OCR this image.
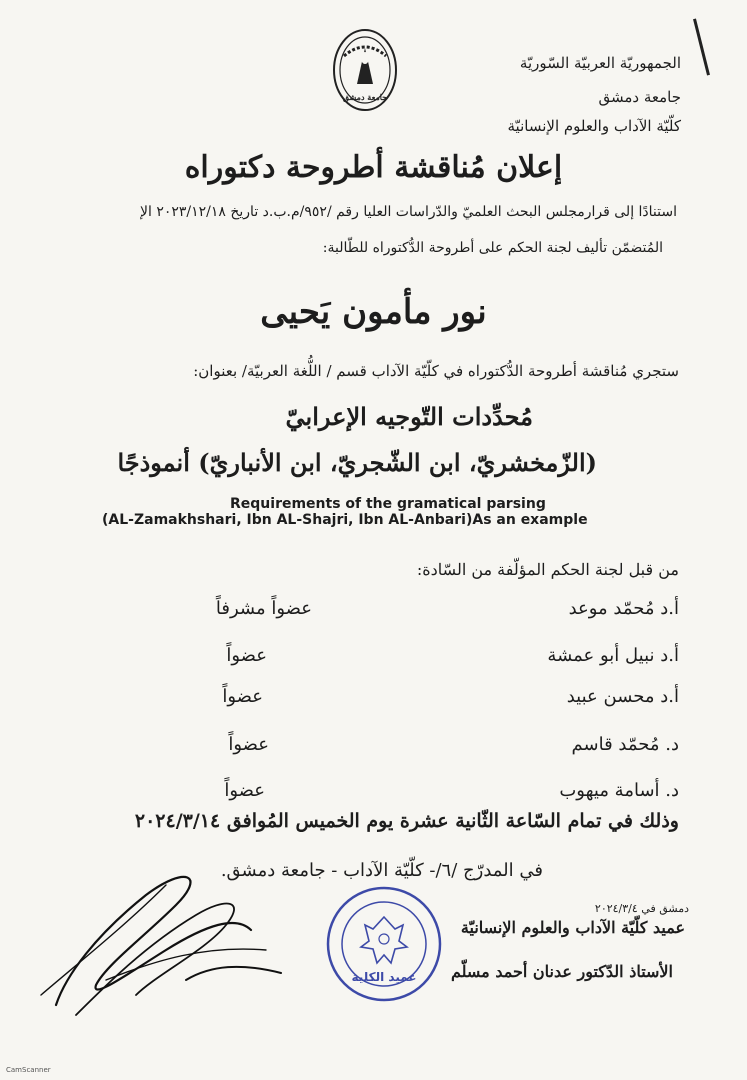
جامعة دمشق
الجمهوريّة العربيّة السّوريّة
جامعة دمشق
كلّيّة الآداب والعلوم الإنسانيّة
إعلان مُناقشة أطروحة دكتوراه
استنادًا إلى قرارمجلس البحث العلميّ والدّراسات العليا رقم /٩٥٢/م.ب.د تاريخ ٢٠٢٣/١٢/١٨ الإ
المُتضمّن تأليف لجنة الحكم على أطروحة الدُّكتوراه للطّالبة:
نور مأمون يَحيى
ستجري مُناقشة أطروحة الدُّكتوراه في كلّيّة الآداب قسم / اللُّغة العربيّة/ بعنوان:
مُحدِّدات التّوجيه الإعرابيّ
(الزّمخشريّ، ابن الشّجريّ، ابن الأنباريّ) أنموذجًا
Requirements of the gramatical parsing
(AL-Zamakhshari, Ibn AL-Shajri, Ibn AL-Anbari)As an example
من قبل لجنة الحكم المؤلّفة من السّادة:
أ.د مُحمّد موعد
عضواً مشرفاً
أ.د نبيل أبو عمشة
عضواً
أ.د محسن عبيد
عضواً
د. مُحمّد قاسم
عضواً
د. أسامة ميهوب
عضواً
وذلك في تمام السّاعة الثّانية عشرة يوم الخميس المُوافق ٢٠٢٤/٣/١٤
في المدرّج /٦/- كلّيّة الآداب - جامعة دمشق.
دمشق في ٢٠٢٤/٣/٤
عميد كلّيّة الآداب والعلوم الإنسانيّة
الأستاذ الدّكتور عدنان أحمد مسلّم
عميد الكلية
CamScanner
